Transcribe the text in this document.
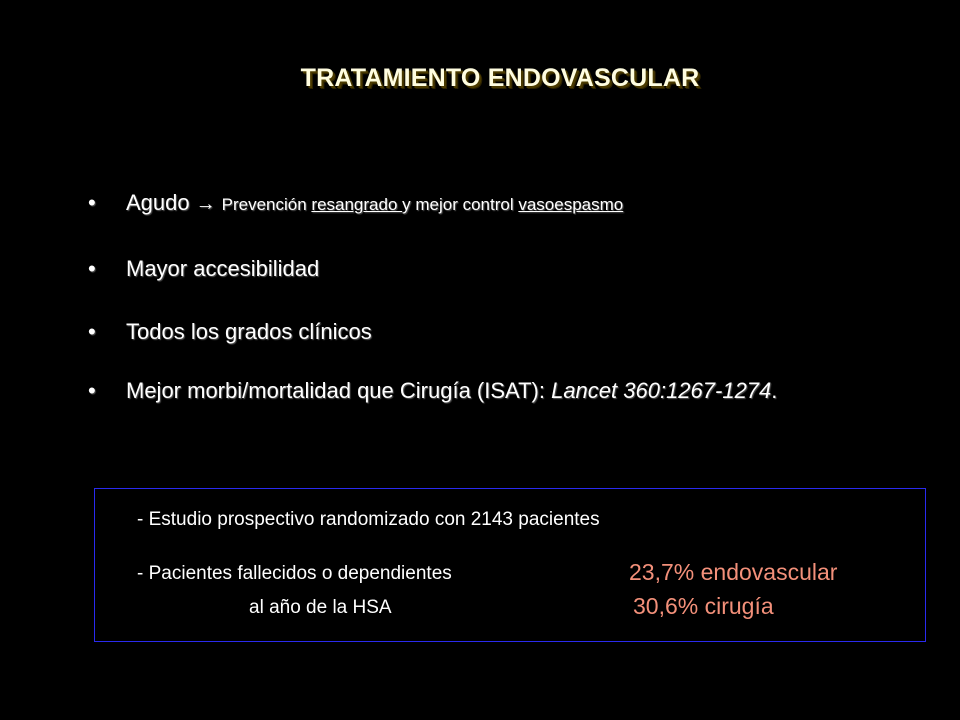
TRATAMIENTO ENDOVASCULAR
• Agudo → Prevención resangrado y mejor control vasoespasmo
• Mayor accesibilidad
• Todos los grados clínicos
• Mejor morbi/mortalidad que Cirugía (ISAT): Lancet 360:1267-1274.
- Estudio prospectivo randomizado con 2143 pacientes
- Pacientes fallecidos o dependientes
al año de la HSA
23,7% endovascular
30,6% cirugía
